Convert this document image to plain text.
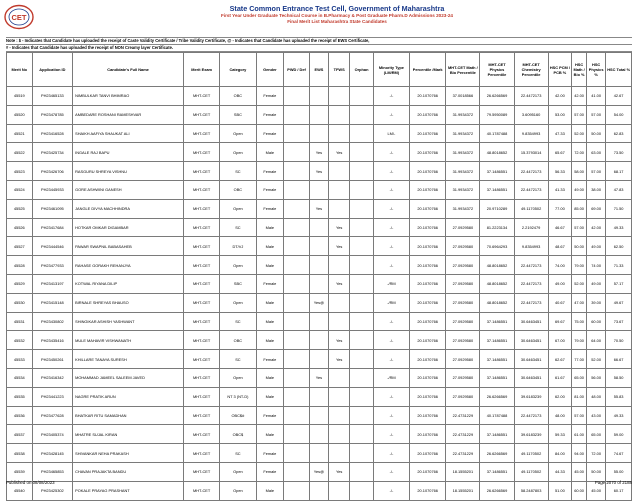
CET
State Common Entrance Test Cell, Government of Maharashtra
First Year Under Graduate Technical Course in B.Pharmacy & Post Graduate Pharm.D Admissions 2023-24
Final Merit List Maharashtra State Candidates
Note : $ - Indicates that Candidate has uploaded the receipt of Caste Validity Certificate / Tribe Validity Certificate, @ - Indicates that Candidate has uploaded the receipt of EWS Certificate,
# - Indicates that Candidate has uploaded the receipt of NON Creamy layer Certificate.
Merit No	Application ID	Candidate's Full Name	Merit Exam	Category	Gender	PWD / Def	EWS	TFWS	Orphan	Minority Type (LM/RM)	Percentile /Mark	MHT-CET Math / Bio Percentile	MHT-CET Physics Percentile	MHT-CET Chemistry Percentile	HSC PCM / PCB %	HSC Math / Bio %	HSC Physics %	HSC Total %
45519	PH23465133	NIMBULKAR TANVI BHIMRAO	MHT-CET	OBC	Female					-/-	20.1070766	37.0018566	26.6266569	22.4472173	42.00	42.00	41.00	42.67
45520	PH23478785	AMBEDARE ROSHANI RAMESHVAR	MHT-CET	SBC	Female					-/-	20.1070766	31.9934372	79.5950089	3.6095160	53.00	57.00	57.00	54.00
45521	PH23416528	SHAIKH AAFIYA SHAUKAT ALI	MHT-CET	Open	Female					LM/-	20.1070766	31.9934372	40.1787488	9.8354993	47.33	52.00	50.00	62.83
45522	PH23425734	INGALE RAJ BAPU	MHT-CET	Open	Male		Yes	Yes		-/-	20.1070766	31.9934372	48.8018652	15.3793014	65.67	72.00	63.00	73.50
45523	PH23426706	RASGURU SHREYA VISHNU	MHT-CET	SC	Female		Yes			-/-	20.1070766	31.9934372	37.1486551	22.4472173	56.33	58.00	57.00	68.17
45524	PH23445933	GORE ASHWINI GANESH	MHT-CET	OBC	Female					-/-	20.1070766	31.9934372	37.1486551	22.4472173	41.33	49.00	38.00	47.83
45525	PH23461095	JANGLE DIVYA MACHHINDRA	MHT-CET	Open	Female		Yes			-/-	20.1070766	31.9934372	20.9710289	49.1170502	77.00	85.00	69.00	71.50
45526	PH23417684	HOTKAR OMKAR DIGAMBAR	MHT-CET	SC	Male			Yes		-/-	20.1070766	27.0929580	81.2223134	2.2192479	46.67	57.00	42.00	49.33
45527	PH23444546	PAWAR SWAPNIL BABASAHEB	MHT-CET	DT/VJ	Male			Yes		-/-	20.1070766	27.0929580	70.6964293	9.8354993	48.67	50.00	49.00	62.50
45528	PH23477933	RAHASE GORAKH REHANJYA	MHT-CET	Open	Male					-/-	20.1070766	27.0929580	48.8018652	22.4472173	74.00	79.00	74.00	71.33
45529	PH23413197	KOTWAL RIYANA DILIP	MHT-CET	SBC	Female			Yes		-/RM	20.1070766	27.0929580	48.8018652	22.4472173	49.00	52.00	49.00	57.17
45530	PH23415148	BIRNALE SHREYAS BHAUSO	MHT-CET	Open	Male		Yes@			-/RM	20.1070766	27.0929580	48.8018652	22.4472173	40.67	47.00	39.00	49.67
45531	PH23430802	SHINGIKAR ASHISH YASHWANT	MHT-CET	SC	Male					-/-	20.1070766	27.0929580	37.1486551	30.6463451	69.67	75.00	60.00	73.67
45532	PH23435416	MULE MAHAVIR VISHWANATH	MHT-CET	OBC	Male			Yes		-/-	20.1070766	27.0929580	37.1486551	30.6463451	67.00	79.00	64.00	70.50
45533	PH23450261	KHILLARE TANAYA SURESH	MHT-CET	SC	Female			Yes		-/-	20.1070766	27.0929580	37.1486551	30.6463451	62.67	77.00	52.00	66.67
45534	PH23416342	MOHAMMAD JAMEEL SALEEM JAVED	MHT-CET	Open	Male		Yes			-/RM	20.1070766	27.0929580	37.1486551	30.6463451	61.67	65.00	56.00	58.50
45535	PH23441223	NAGRE PRATIK ARUN	MHT-CET	NT 3 (NT-D)	Male					-/-	20.1070766	27.0929580	26.6266569	39.6183239	62.00	81.00	48.00	55.83
45536	PH23477628	BHATKAR RITU SAMADHAN	MHT-CET	OBC$#	Female					-/-	20.1070766	22.4731229	40.1787488	22.4472173	48.00	57.00	43.00	49.33
45537	PH23405374	MHATRE SUJAL KIRAN	MHT-CET	OBC$	Male					-/-	20.1070766	22.4731229	37.1486551	39.6183239	59.33	61.00	65.00	59.00
45538	PH23428145	SHIVANKAR NEHA PRAKASH	MHT-CET	SC	Female					-/-	20.1070766	22.4731229	26.6266569	49.1170502	84.00	94.00	72.00	74.67
45539	PH23465853	CHAVAN PRAJAKTA BANDU	MHT-CET	Open	Female		Yes@	Yes		-/-	20.1070766	18.1555201	37.1486551	49.1170502	44.33	45.00	50.00	55.00
45540	PH23425302	POKALE PRAYAG PRASHANT	MHT-CET	Open	Male					-/-	20.1070766	18.1555201	26.6266569	58.2487803	51.00	60.00	45.00	60.17
Published on 08/08/2023	Page 2070 of 2188
